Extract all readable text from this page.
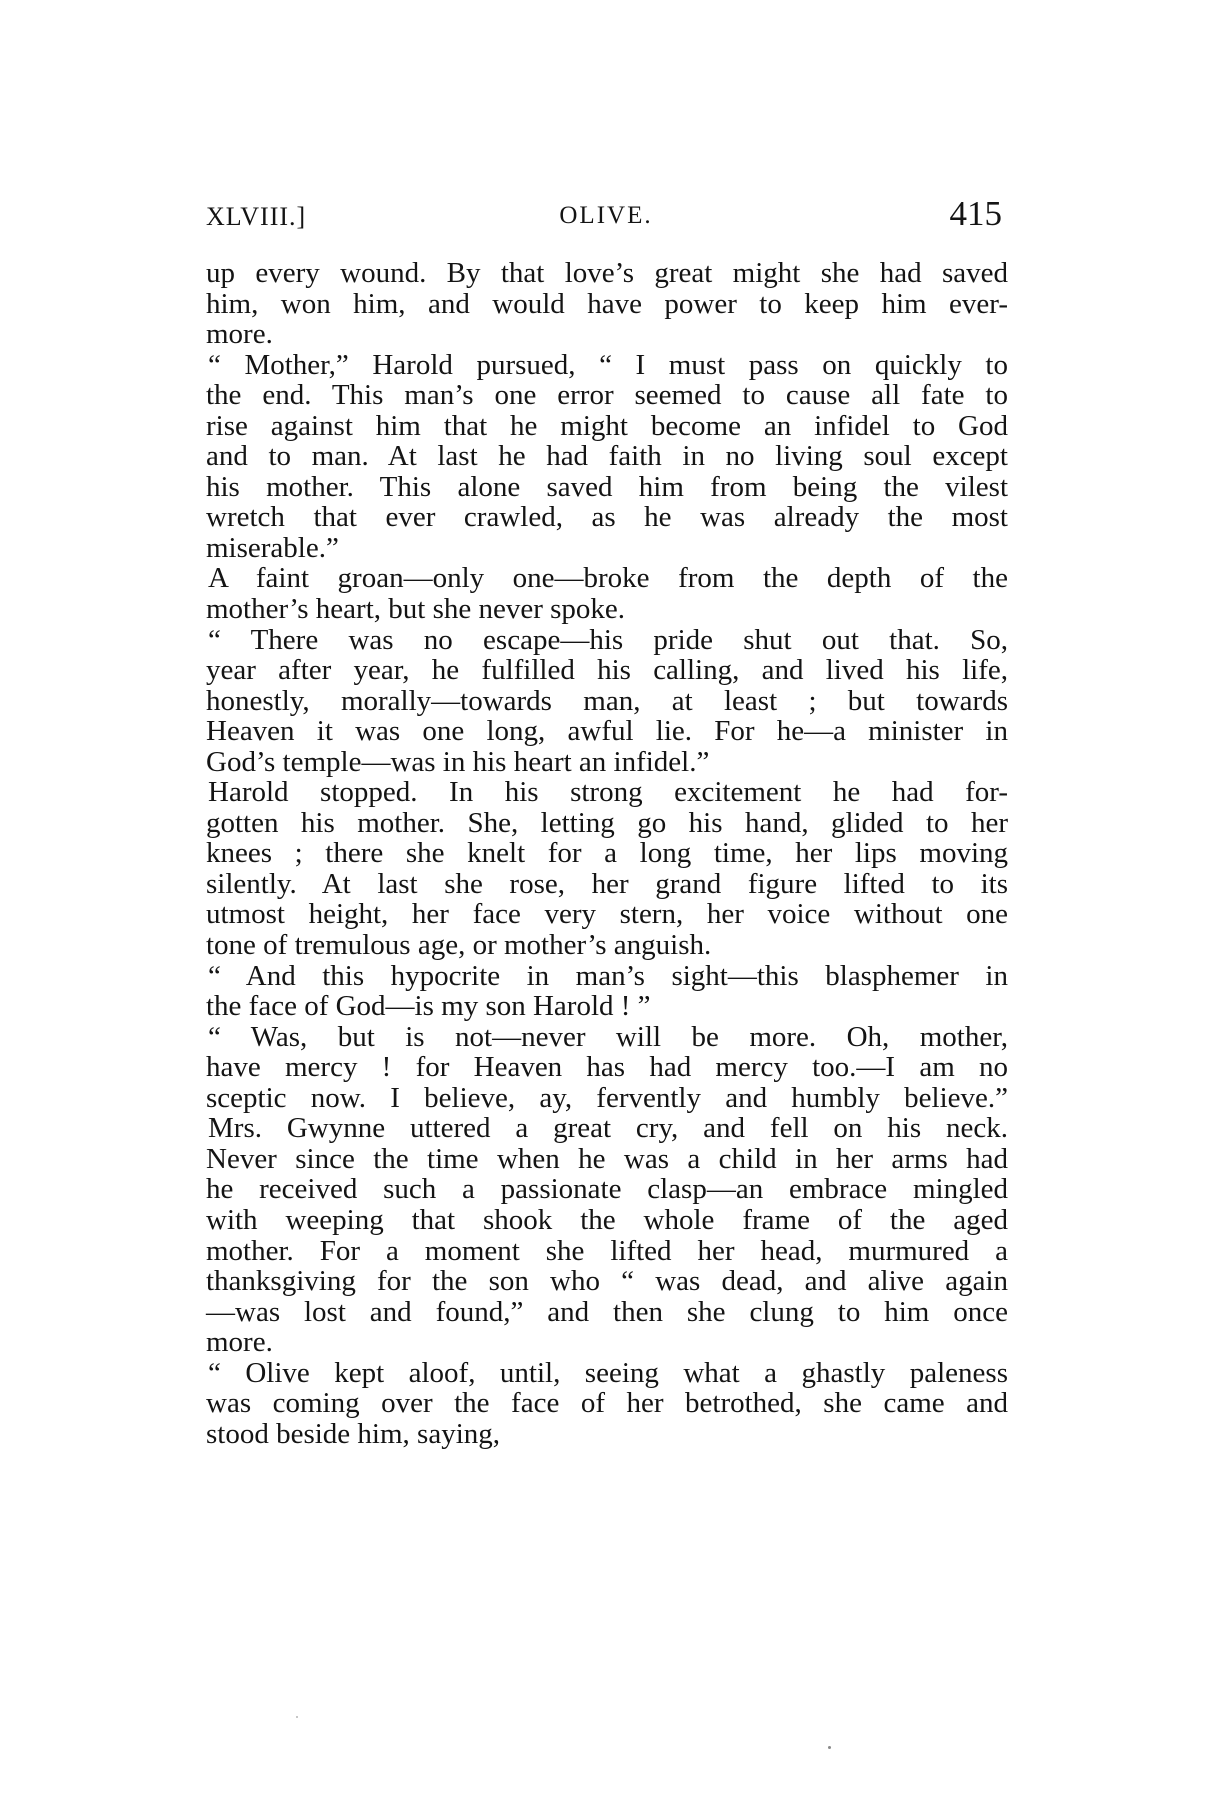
XLVIII.]	OLIVE.	415
up every wound. By that love’s great might she had saved
him, won him, and would have power to keep him ever-
more.
“ Mother,” Harold pursued, “ I must pass on quickly to
the end. This man’s one error seemed to cause all fate to
rise against him that he might become an infidel to God
and to man. At last he had faith in no living soul except
his mother. This alone saved him from being the vilest
wretch that ever crawled, as he was already the most
miserable.”
A faint groan—only one—broke from the depth of the
mother’s heart, but she never spoke.
“ There was no escape—his pride shut out that. So,
year after year, he fulfilled his calling, and lived his life,
honestly, morally—towards man, at least ; but towards
Heaven it was one long, awful lie. For he—a minister in
God’s temple—was in his heart an infidel.”
Harold stopped. In his strong excitement he had for-
gotten his mother. She, letting go his hand, glided to her
knees ; there she knelt for a long time, her lips moving
silently. At last she rose, her grand figure lifted to its
utmost height, her face very stern, her voice without one
tone of tremulous age, or mother’s anguish.
“ And this hypocrite in man’s sight—this blasphemer in
the face of God—is my son Harold ! ”
“ Was, but is not—never will be more. Oh, mother,
have mercy ! for Heaven has had mercy too.—I am no
sceptic now. I believe, ay, fervently and humbly believe.”
Mrs. Gwynne uttered a great cry, and fell on his neck.
Never since the time when he was a child in her arms had
he received such a passionate clasp—an embrace mingled
with weeping that shook the whole frame of the aged
mother. For a moment she lifted her head, murmured a
thanksgiving for the son who “ was dead, and alive again
—was lost and found,” and then she clung to him once
more.
“ Olive kept aloof, until, seeing what a ghastly paleness
was coming over the face of her betrothed, she came and
stood beside him, saying,
